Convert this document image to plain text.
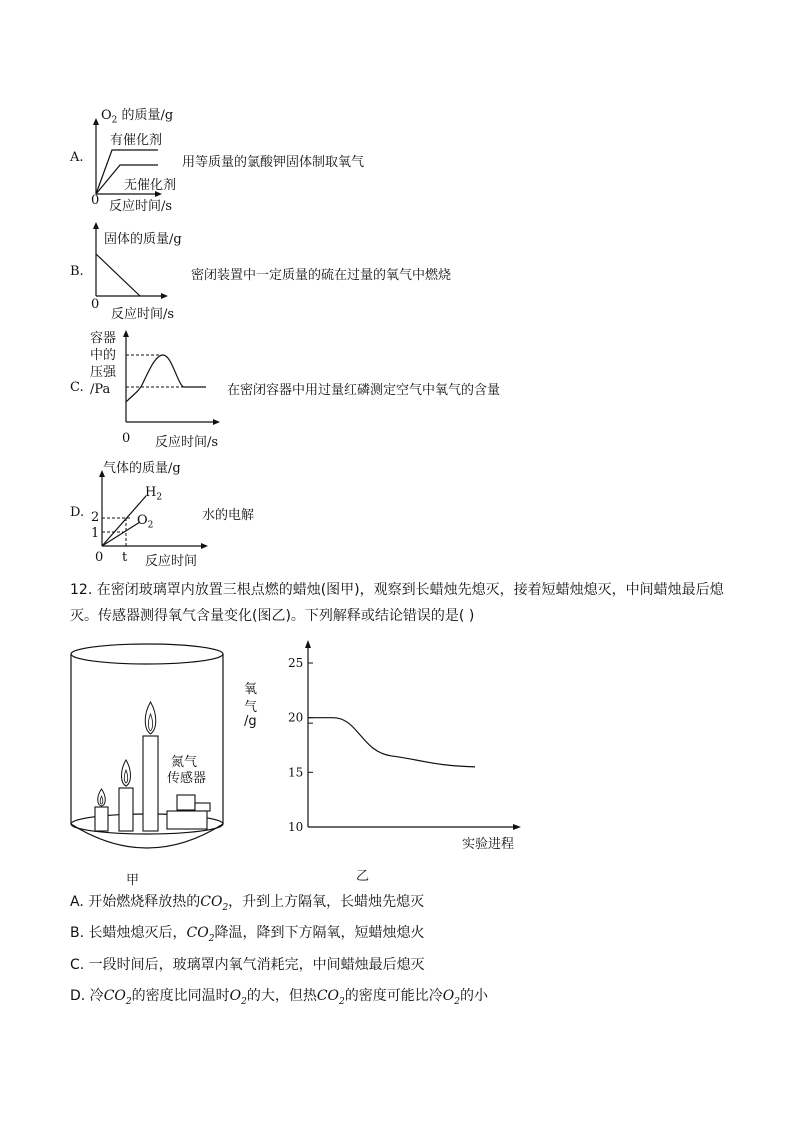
A.
$O_2$ 的质量/g
有催化剂
无催化剂
0 反应时间/s
用等质量的氯酸钾固体制取氧气
B.
固体的质量/g
0
反应时间/s
密闭装置中一定质量的硫在过量的氧气中燃烧
C.
容器
中的
压强
/Pa
0 反应时间/s
在密闭容器中用过量红磷测定空气中氧气的含量
D.
气体的质量/g
2
1
0 t 反应时间
$H_2$
$O_2$
水的电解
12. 在密闭玻璃罩内放置三根点燃的蜡烛(图甲)，观察到长蜡烛先熄灭，接着短蜡烛熄灭，中间蜡烛最后熄
灭。传感器测得氧气含量变化(图乙)。下列解释或结论错误的是( )
氮气
传感器
甲
25
20
15
10
氧
气
/g
实验进程
乙
A. 开始燃烧释放热的$CO_2$，升到上方隔氧，长蜡烛先熄灭
B. 长蜡烛熄灭后，$CO_2$降温，降到下方隔氧，短蜡烛熄火
C. 一段时间后，玻璃罩内氧气消耗完，中间蜡烛最后熄灭
D. 冷$CO_2$的密度比同温时$O_2$的大，但热$CO_2$的密度可能比冷$O_2$的小
